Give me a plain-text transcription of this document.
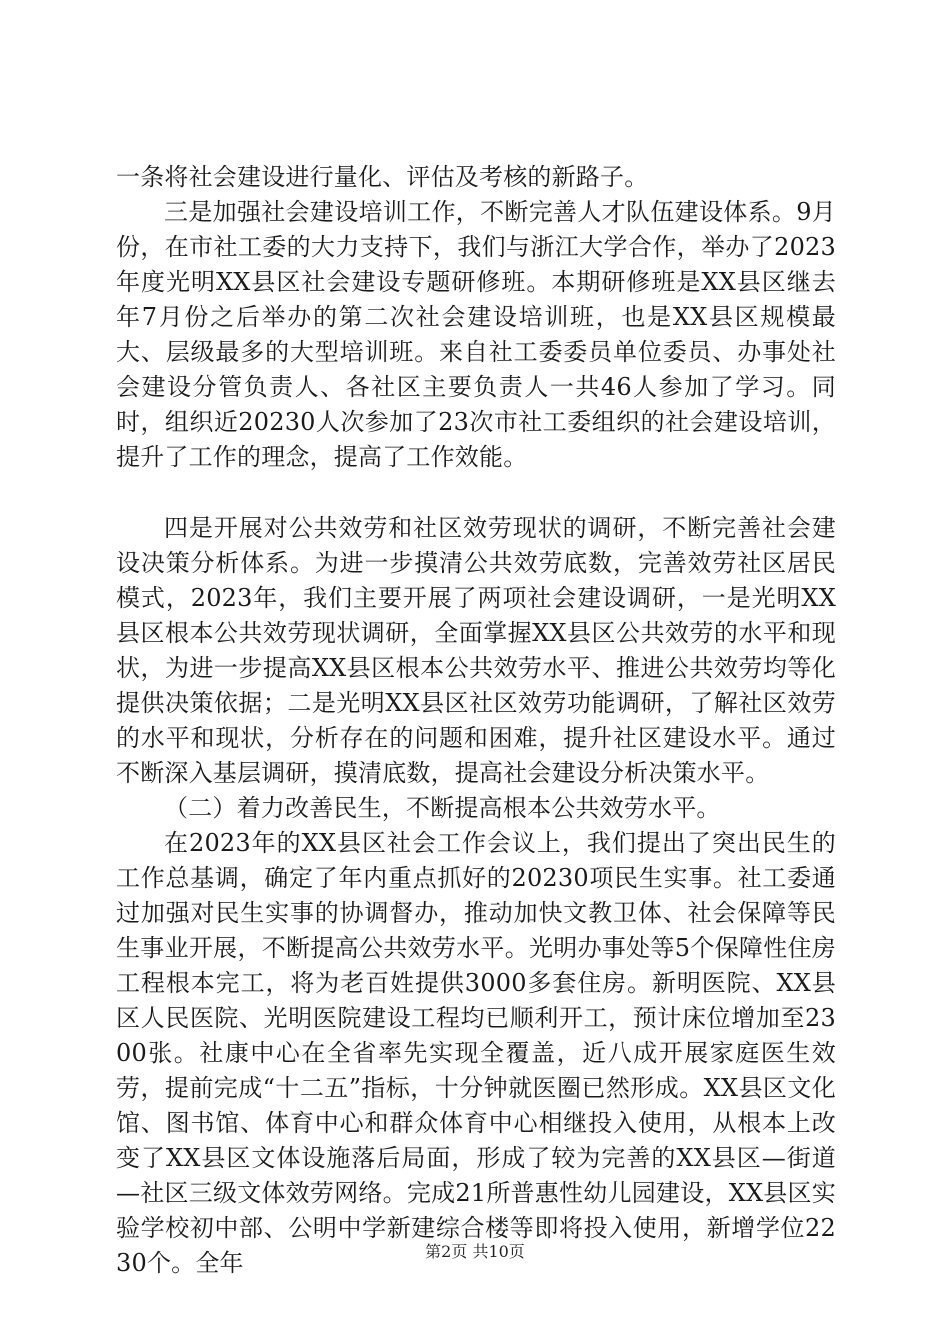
一条将社会建设进行量化、评估及考核的新路子。

三是加强社会建设培训工作，不断完善人才队伍建设体系。9月份，在市社工委的大力支持下，我们与浙江大学合作，举办了2023年度光明XX县区社会建设专题研修班。本期研修班是XX县区继去年7月份之后举办的第二次社会建设培训班，也是XX县区规模最大、层级最多的大型培训班。来自社工委委员单位委员、办事处社会建设分管负责人、各社区主要负责人一共46人参加了学习。同时，组织近20230人次参加了23次市社工委组织的社会建设培训，提升了工作的理念，提高了工作效能。

四是开展对公共效劳和社区效劳现状的调研，不断完善社会建设决策分析体系。为进一步摸清公共效劳底数，完善效劳社区居民模式，2023年，我们主要开展了两项社会建设调研，一是光明XX县区根本公共效劳现状调研，全面掌握XX县区公共效劳的水平和现状，为进一步提高XX县区根本公共效劳水平、推进公共效劳均等化提供决策依据；二是光明XX县区社区效劳功能调研，了解社区效劳的水平和现状，分析存在的问题和困难，提升社区建设水平。通过不断深入基层调研，摸清底数，提高社会建设分析决策水平。

（二）着力改善民生，不断提高根本公共效劳水平。

在2023年的XX县区社会工作会议上，我们提出了突出民生的工作总基调，确定了年内重点抓好的20230项民生实事。社工委通过加强对民生实事的协调督办，推动加快文教卫体、社会保障等民生事业开展，不断提高公共效劳水平。光明办事处等5个保障性住房工程根本完工，将为老百姓提供3000多套住房。新明医院、XX县区人民医院、光明医院建设工程均已顺利开工，预计床位增加至2300张。社康中心在全省率先实现全覆盖，近八成开展家庭医生效劳，提前完成“十二五”指标，十分钟就医圈已然形成。XX县区文化馆、图书馆、体育中心和群众体育中心相继投入使用，从根本上改变了XX县区文体设施落后局面，形成了较为完善的XX县区—街道—社区三级文体效劳网络。完成21所普惠性幼儿园建设，XX县区实验学校初中部、公明中学新建综合楼等即将投入使用，新增学位2230个。全年	第2页 共10页
